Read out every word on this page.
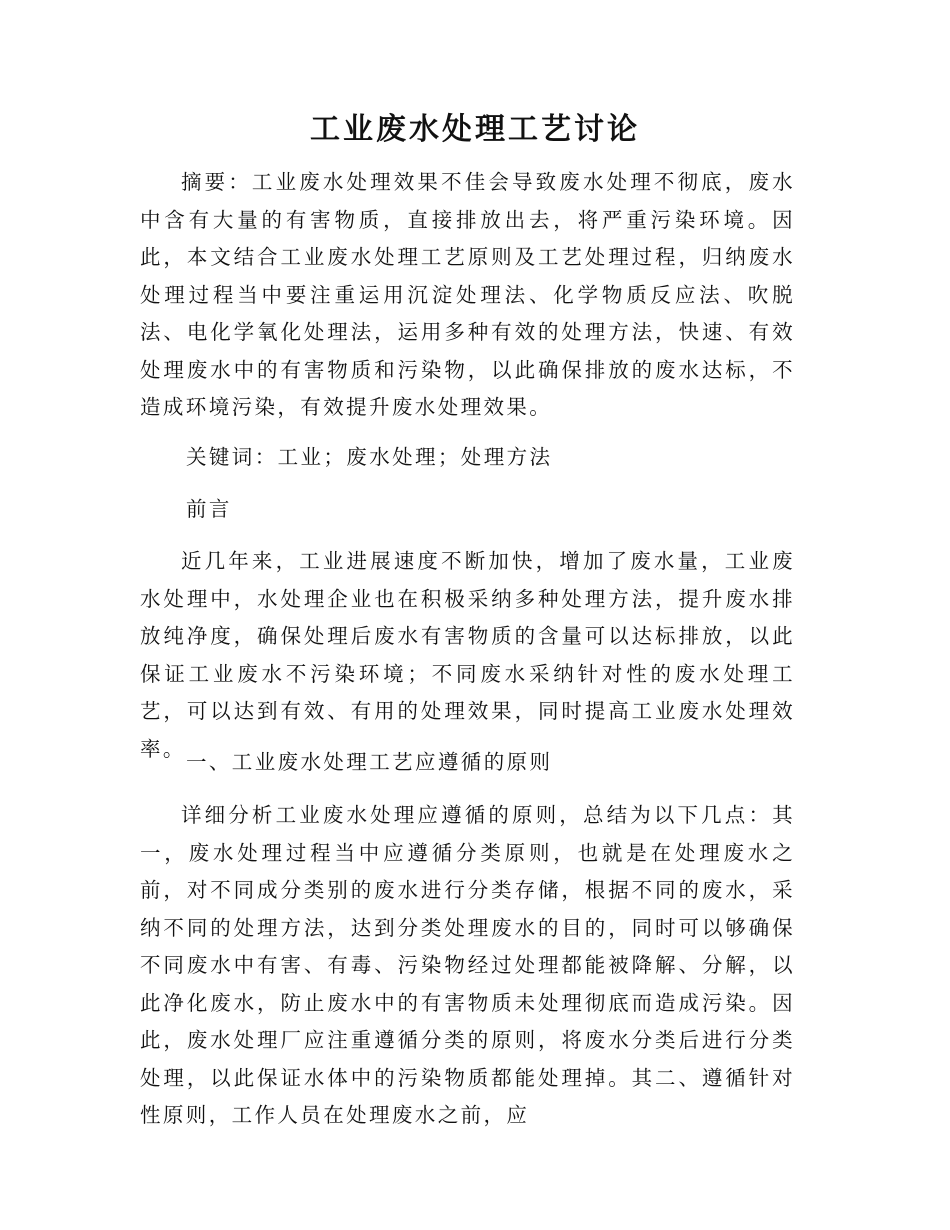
工业废水处理工艺讨论
摘要：工业废水处理效果不佳会导致废水处理不彻底，废水中含有大量的有害物质，直接排放出去，将严重污染环境。因此，本文结合工业废水处理工艺原则及工艺处理过程，归纳废水处理过程当中要注重运用沉淀处理法、化学物质反应法、吹脱法、电化学氧化处理法，运用多种有效的处理方法，快速、有效处理废水中的有害物质和污染物，以此确保排放的废水达标，不造成环境污染，有效提升废水处理效果。
关键词：工业；废水处理；处理方法
前言
近几年来，工业进展速度不断加快，增加了废水量，工业废水处理中，水处理企业也在积极采纳多种处理方法，提升废水排放纯净度，确保处理后废水有害物质的含量可以达标排放，以此保证工业废水不污染环境；不同废水采纳针对性的废水处理工艺，可以达到有效、有用的处理效果，同时提高工业废水处理效率。
一、工业废水处理工艺应遵循的原则
详细分析工业废水处理应遵循的原则，总结为以下几点：其一，废水处理过程当中应遵循分类原则，也就是在处理废水之前，对不同成分类别的废水进行分类存储，根据不同的废水，采纳不同的处理方法，达到分类处理废水的目的，同时可以够确保不同废水中有害、有毒、污染物经过处理都能被降解、分解，以此净化废水，防止废水中的有害物质未处理彻底而造成污染。因此，废水处理厂应注重遵循分类的原则，将废水分类后进行分类处理，以此保证水体中的污染物质都能处理掉。其二、遵循针对性原则，工作人员在处理废水之前，应
